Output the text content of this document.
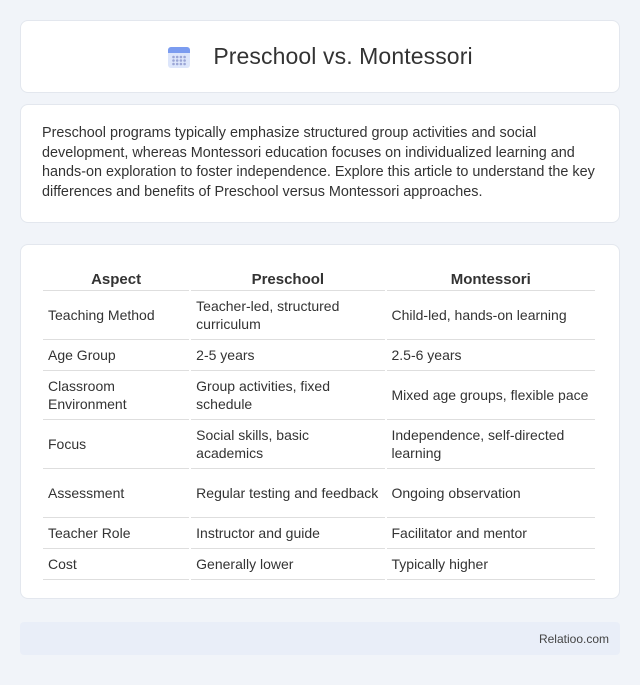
Preschool vs. Montessori

Preschool programs typically emphasize structured group activities and social development, whereas Montessori education focuses on individualized learning and hands-on exploration to foster independence. Explore this article to understand the key differences and benefits of Preschool versus Montessori approaches.

Aspect	Preschool	Montessori
Teaching Method	Teacher-led, structured curriculum	Child-led, hands-on learning
Age Group	2-5 years	2.5-6 years
Classroom Environment	Group activities, fixed schedule	Mixed age groups, flexible pace
Focus	Social skills, basic academics	Independence, self-directed learning
Assessment	Regular testing and feedback	Ongoing observation
Teacher Role	Instructor and guide	Facilitator and mentor
Cost	Generally lower	Typically higher
Relatioo.com
